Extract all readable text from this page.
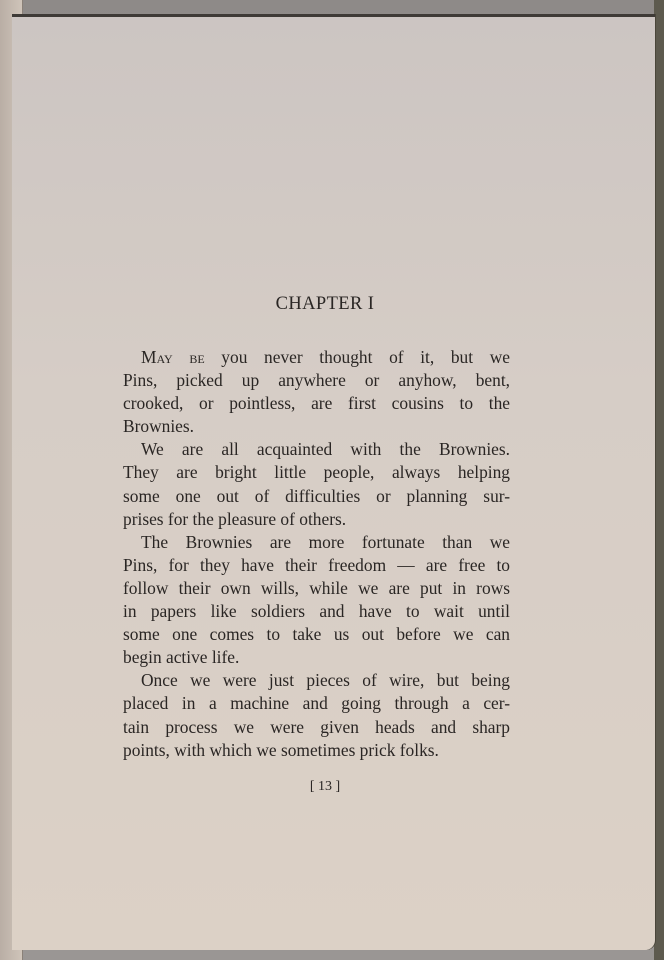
CHAPTER I
May be you never thought of it, but we
Pins, picked up anywhere or anyhow, bent,
crooked, or pointless, are first cousins to the
Brownies.
We are all acquainted with the Brownies.
They are bright little people, always helping
some one out of difficulties or planning sur-
prises for the pleasure of others.
The Brownies are more fortunate than we
Pins, for they have their freedom — are free to
follow their own wills, while we are put in rows
in papers like soldiers and have to wait until
some one comes to take us out before we can
begin active life.
Once we were just pieces of wire, but being
placed in a machine and going through a cer-
tain process we were given heads and sharp
points, with which we sometimes prick folks.
[ 13 ]
